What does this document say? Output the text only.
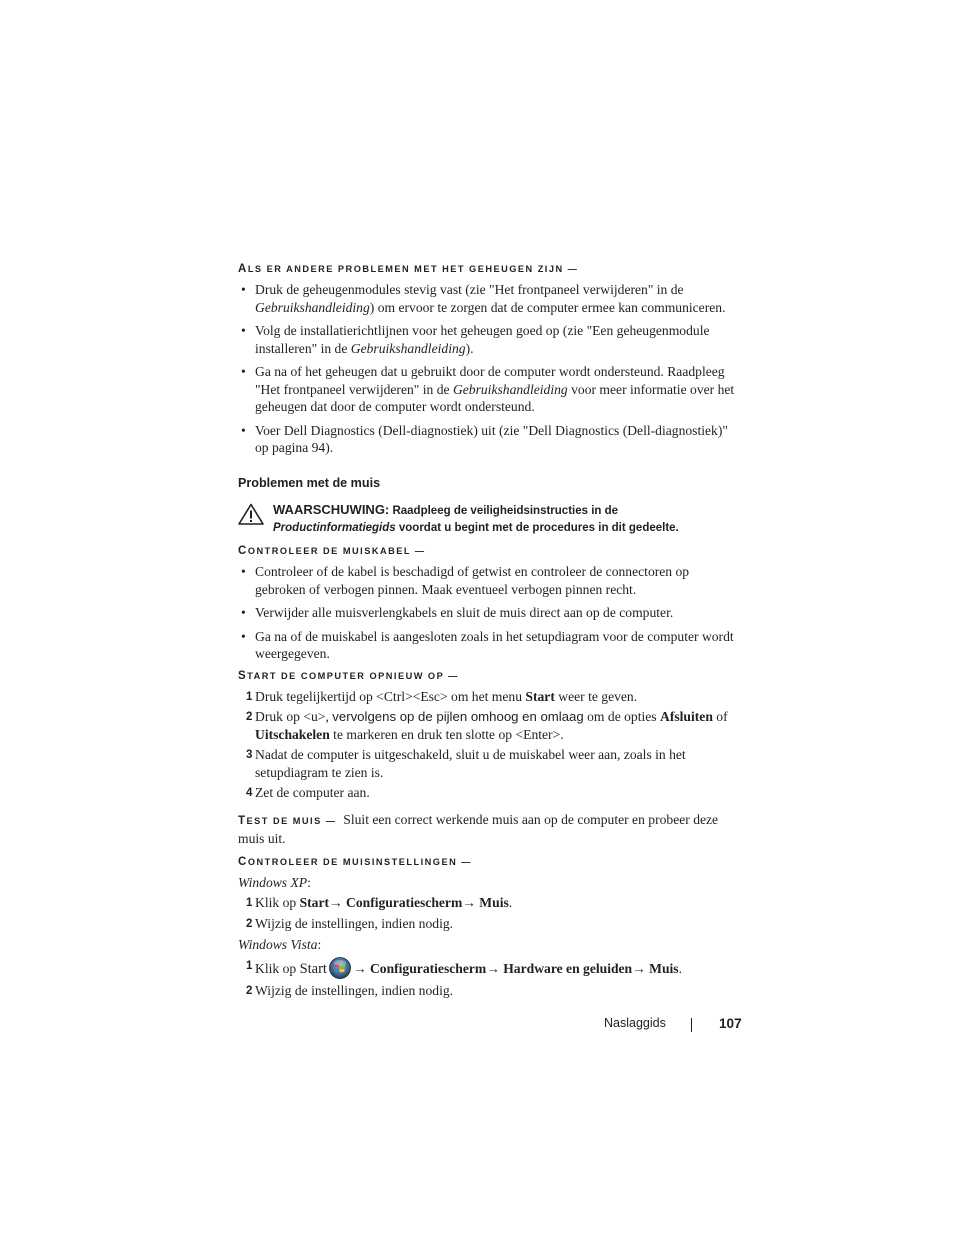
ALS ER ANDERE PROBLEMEN MET HET GEHEUGEN ZIJN —
• Druk de geheugenmodules stevig vast (zie "Het frontpaneel verwijderen" in de Gebruikshandleiding) om ervoor te zorgen dat de computer ermee kan communiceren.
• Volg de installatierichtlijnen voor het geheugen goed op (zie "Een geheugenmodule installeren" in de Gebruikshandleiding).
• Ga na of het geheugen dat u gebruikt door de computer wordt ondersteund. Raadpleeg "Het frontpaneel verwijderen" in de Gebruikshandleiding voor meer informatie over het geheugen dat door de computer wordt ondersteund.
• Voer Dell Diagnostics (Dell-diagnostiek) uit (zie "Dell Diagnostics (Dell-diagnostiek)" op pagina 94).
Problemen met de muis
WAARSCHUWING: Raadpleeg de veiligheidsinstructies in de Productinformatiegids voordat u begint met de procedures in dit gedeelte.
CONTROLEER DE MUISKABEL —
• Controleer of de kabel is beschadigd of getwist en controleer de connectoren op gebroken of verbogen pinnen. Maak eventueel verbogen pinnen recht.
• Verwijder alle muisverlengkabels en sluit de muis direct aan op de computer.
• Ga na of de muiskabel is aangesloten zoals in het setupdiagram voor de computer wordt weergegeven.
START DE COMPUTER OPNIEUW OP —
1 Druk tegelijkertijd op <Ctrl><Esc> om het menu Start weer te geven.
2 Druk op <u>, vervolgens op de pijlen omhoog en omlaag om de opties Afsluiten of Uitschakelen te markeren en druk ten slotte op <Enter>.
3 Nadat de computer is uitgeschakeld, sluit u de muiskabel weer aan, zoals in het setupdiagram te zien is.
4 Zet de computer aan.

TEST DE MUIS — Sluit een correct werkende muis aan op de computer en probeer deze muis uit.

CONTROLEER DE MUISINSTELLINGEN —

Windows XP:

1 Klik op Start→ Configuratiescherm→ Muis.
2 Wijzig de instellingen, indien nodig.

Windows Vista:

1 Klik op Start → Configuratiescherm→ Hardware en geluiden→ Muis.
2 Wijzig de instellingen, indien nodig.
Naslaggids	107
